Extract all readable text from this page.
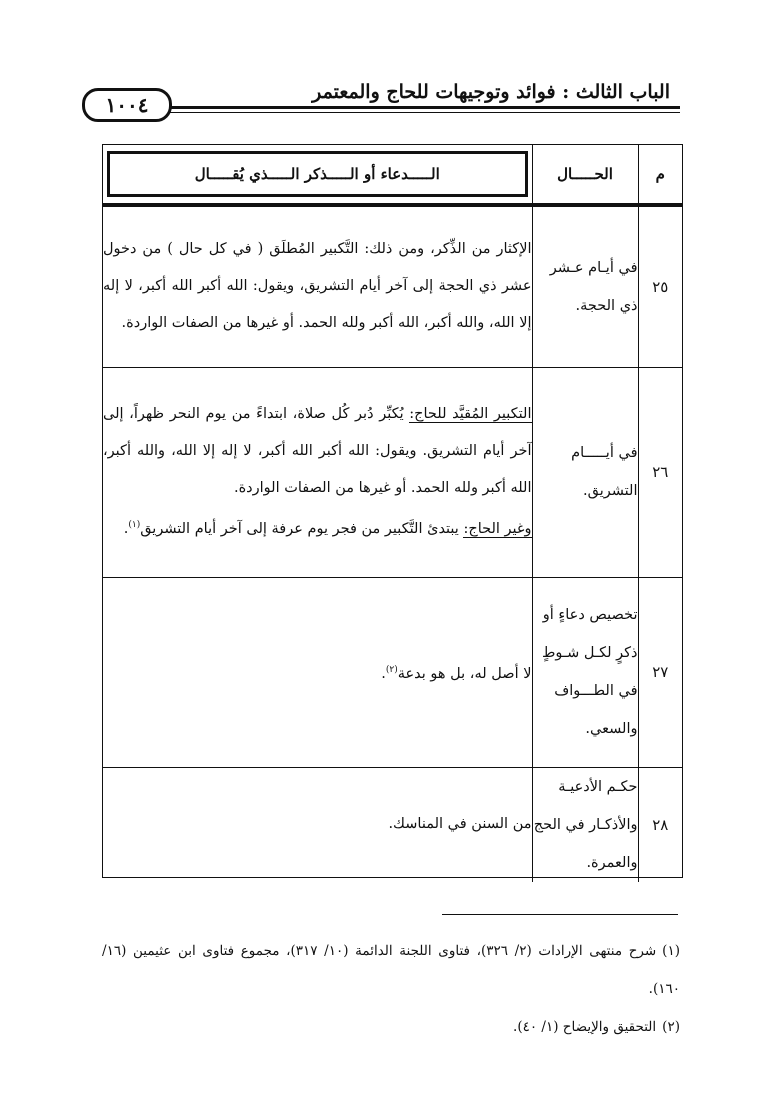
الباب الثالث : فوائد وتوجيهات للحاج والمعتمر
١٠٠٤
م	الحـــــال	الـــــدعاء أو الـــــذكر الـــــذي يُقـــــال

٢٥	في أيـام عـشر ذي الحجة.	الإكثار من الذِّكر، ومن ذلك: التَّكبير المُطلَق ( في كل حال ) من دخول عشر ذي الحجة إلى آخر أيام التشريق، ويقول: الله أكبر الله أكبر، لا إله إلا الله، والله أكبر، الله أكبر ولله الحمد. أو غيرها من الصفات الواردة.
٢٦	في أيـــــام التشريق.	التكبير المُقيَّد للحاج: يُكبِّر دُبر كُل صلاة، ابتداءً من يوم النحر ظهراً، إلى آخر أيام التشريق. ويقول: الله أكبر الله أكبر، لا إله إلا الله، والله أكبر، الله أكبر ولله الحمد. أو غيرها من الصفات الواردة.
وغير الحاج: يبتدئ التَّكبير من فجر يوم عرفة إلى آخر أيام التشريق$^{(١)}$.
٢٧	تخصيص دعاءٍ أو ذكرٍ لكـل شـوطٍ في الطـــواف والسعي.	لا أصل له، بل هو بدعة$^{(٢)}$.
٢٨	حكـم الأدعيـة والأذكـار في الحج والعمرة.	من السنن في المناسك.
(١)شرح منتهى الإرادات (٢/ ٣٢٦)، فتاوى اللجنة الدائمة (١٠/ ٣١٧)، مجموع فتاوى ابن عثيمين (١٦/ ١٦٠).
(٢)التحقيق والإيضاح (١/ ٤٠).
